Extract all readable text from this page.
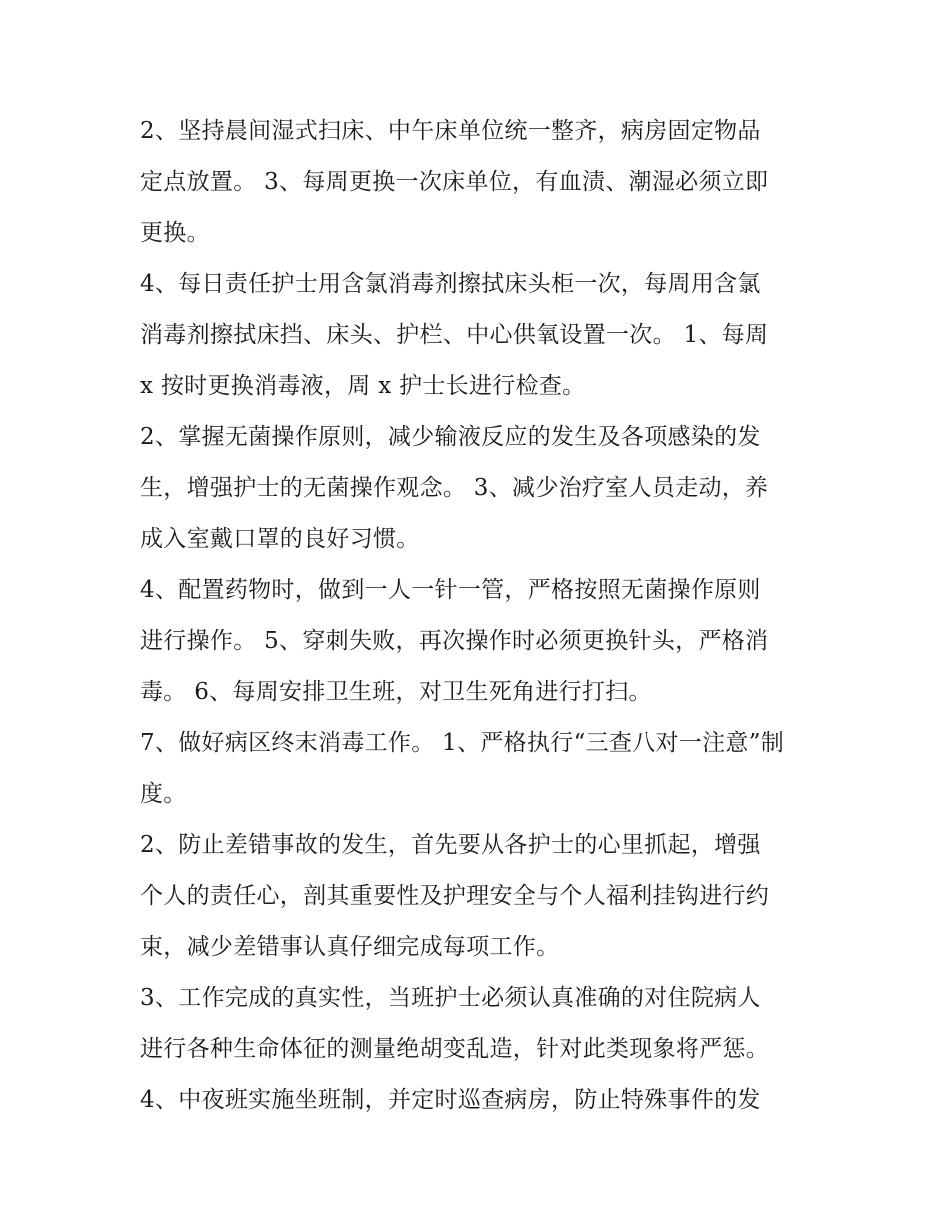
2、坚持晨间湿式扫床、中午床单位统一整齐，病房固定物品

定点放置。 3、每周更换一次床单位，有血渍、潮湿必须立即

更换。

4、每日责任护士用含氯消毒剂擦拭床头柜一次，每周用含氯

消毒剂擦拭床挡、床头、护栏、中心供氧设置一次。 1、每周

x 按时更换消毒液，周 x 护士长进行检查。

2、掌握无菌操作原则，减少输液反应的发生及各项感染的发

生，增强护士的无菌操作观念。 3、减少治疗室人员走动，养

成入室戴口罩的良好习惯。

4、配置药物时，做到一人一针一管，严格按照无菌操作原则

进行操作。 5、穿刺失败，再次操作时必须更换针头，严格消

毒。 6、每周安排卫生班，对卫生死角进行打扫。

7、做好病区终末消毒工作。 1、严格执行“三查八对一注意”制

度。

2、防止差错事故的发生，首先要从各护士的心里抓起，增强

个人的责任心，剖其重要性及护理安全与个人福利挂钩进行约

束，减少差错事认真仔细完成每项工作。

3、工作完成的真实性，当班护士必须认真准确的对住院病人

进行各种生命体征的测量绝胡变乱造，针对此类现象将严惩。

4、中夜班实施坐班制，并定时巡查病房，防止特殊事件的发
